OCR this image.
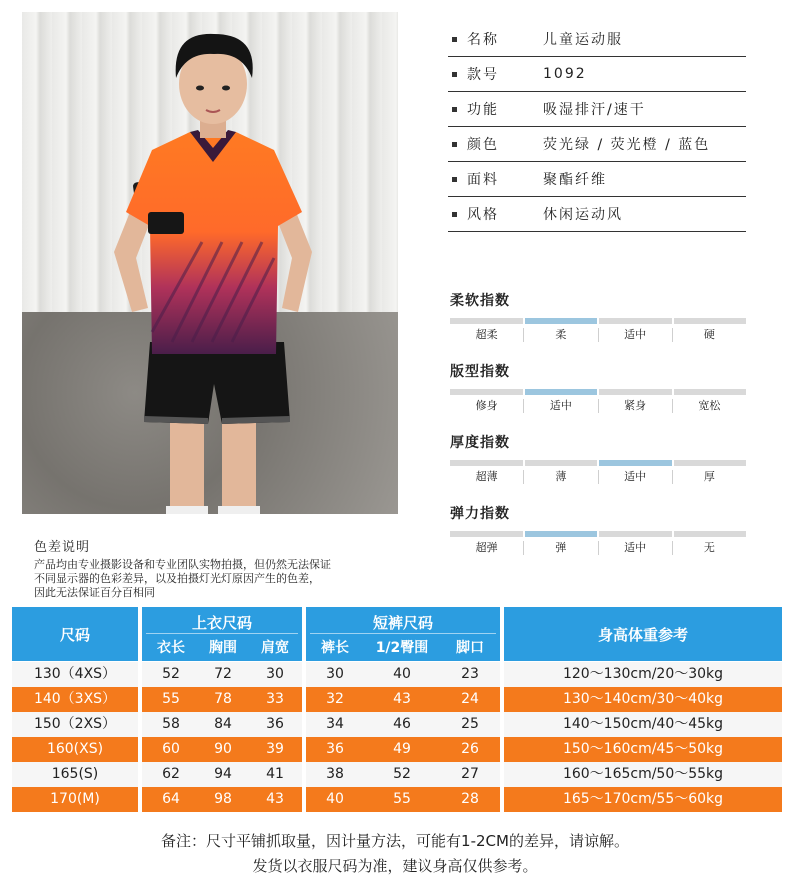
名称	儿童运动服
款号	1092
功能	吸湿排汗/速干
颜色	荧光绿 / 荧光橙 / 蓝色
面料	聚酯纤维
风格	休闲运动风
柔软指数
超柔	柔	适中	硬
版型指数
修身	适中	紧身	宽松
厚度指数
超薄	薄	适中	厚
弹力指数
超弹	弹	适中	无
色差说明
产品均由专业摄影设备和专业团队实物拍摄，但仍然无法保证
不同显示器的色彩差异，以及拍摄灯光灯原因产生的色差，
因此无法保证百分百相同
尺码
上衣尺码
衣长	胸围	肩宽
短裤尺码
裤长	1/2臀围	脚口
身高体重参考
130（4XS）	52	72	30	30	40	23	120～130cm/20～30kg
140（3XS）	55	78	33	32	43	24	130～140cm/30～40kg
150（2XS）	58	84	36	34	46	25	140～150cm/40～45kg
160(XS)	60	90	39	36	49	26	150～160cm/45～50kg
165(S)	62	94	41	38	52	27	160～165cm/50～55kg
170(M)	64	98	43	40	55	28	165～170cm/55～60kg
备注：尺寸平铺抓取量，因计量方法，可能有1-2CM的差异，请谅解。
发货以衣服尺码为准，建议身高仅供参考。
